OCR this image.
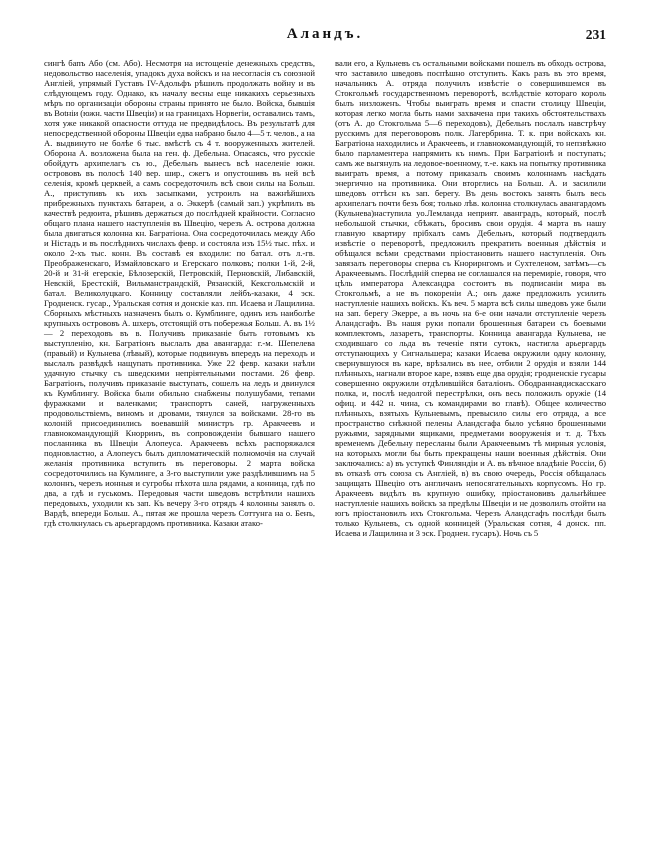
Аландъ.	231

сингѣ бапъ Або (см. Або). Несмотря на истощеніе денежныхъ средствъ, недовольство населенія, упадокъ духа войскъ и на несогласія съ союзной Англіей, упрямый Густавъ IV-Адольфъ рѣшилъ продолжать войну и въ слѣдующемъ году. Однако, къ началу весны еще никакихъ серьезныхъ мѣръ по организаціи обороны страны принято не было. Войска, бывшія въ Botнiи (южн. части Швеціи) и на границахъ Норвегіи, оставались тамъ, хотя уже никакой опасности оттуда не предвидѣлось. Въ результатѣ для непосредственной обороны Швеціи едва набрано было 4—5 т. челов., а на А. выдвинуто не болѣе 6 тыс. вмѣстѣ съ 4 т. вооруженныхъ жителей. Оборона А. возложена была на ген. ф. Дебельна. Опасаясь, что русскіе обойдутъ архипелагъ съ ю., Дебельнъ вынесъ всѣ наcеленіе южн. острововъ въ полосѣ 140 вер. шир., сжегъ и опустошивъ въ ней всѣ селенія, кромѣ церквей, а самъ сосредоточилъ всѣ свои силы на Больш. А., приступивъ къ ихъ засыпками, устроилъ на важнѣйшихъ прибрежныхъ пунктахъ батареи, а о. Эккерѣ (самый зап.) укрѣпилъ въ качествѣ редюита, рѣшивъ держаться до послѣдней крайности. Согласно общаго плана нашего наступленія въ Швецію, черезъ А. острова должна была двигаться колонна кн. Багратіона. Она сосредоточилась между Або и Ністадъ и въ послѣднихъ числахъ февр. и состояла изъ 15½ тыс. пѣх. и около 2-хъ тыс. конн. Въ составѣ ея входили: по батал. отъ л.-гв. Преображенскаго, Измайловскаго и Егерскаго полковъ; полки 1-й, 2-й, 20-й и 31-й егерскіе, Бѣлозерскій, Петровскій, Перновскій, Либавскій, Невскій, Брестскій, Вильманстрандскій, Рязанскій, Кексгольмскій и батал. Великолуцкаго. Конницу составляли лейбъ-казаки, 4 эск. Гродненск. гусар., Уральская сотня и донскіе каз. пп. Исаева и Лащилина. Сборныхъ мѣстныхъ назначенъ былъ о. Кумблинге, одинъ изъ наиболѣе крупныхъ острововъ А. шхеръ, отстоящій отъ побережья Больш. А. въ 1½ — 2 переходовъ въ в. Получивъ приказаніе быть готовымъ къ выступленію, кн. Багратіонъ выслалъ два авангарда: г.-м. Шепелева (правый) и Кульнева (лѣвый), которые подвинувъ впередъ на переходъ и выслалъ развѣдкѣ нащупать противника. Уже 22 февр. казаки наѣли удачную стычку съ шведскими непріятельными постами. 26 февр. Багратіонъ, получивъ приказаніе выступать, сошелъ на ледъ и двинулся къ Кумблингу. Войска были обильно снабжены полушубами, тепами фуражками и валенками; транспортъ саней, нагруженныхъ продовольствіемъ, виномъ и дровами, тянулся за войсками. 28-го въ колоній присоединились воевавшій министръ гр. Аракчеевъ и главнокомандующій Кнорринъ, въ сопровожденіи бывшаго нашего посланника въ Швеціи Алопеуса. Аракчеевъ всѣхъ распоряжался подновластно, а Алопеусъ былъ дипломатическій полномочія на случай желанія противника вступить въ переговоры. 2 марта войска сосредоточились на Кумлинге, а 3-го выступили уже раздѣлившимъ на 5 колоннъ, черезъ ионныя и сугробы пѣхота шла рядами, а конница, гдѣ по два, а гдѣ и гуськомъ. Передовыя части шведовъ встрѣтили нашихъ передовыхъ, уходили къ зап. Къ вечеру 3-го отрядъ 4 колонны занялъ о. Вардѣ, впереди Больш. А., пятая же прошла черезъ Соттунга на о. Бенъ, гдѣ столкнулась съ арьергардомъ противника. Казаки атако-

вали его, а Кульневъ съ остальными войсками пошелъ въ обходъ острова, что заставило шведовъ поспѣшно отступить. Какъ разъ въ это время, начальникъ А. отряда получилъ извѣстіе о совершившемся въ Стокгольмѣ государственномъ переворотѣ, вслѣдствіе котораго король былъ низложенъ. Чтобы выиграть время и спасти столицу Швеціи, которая легко могла быть нами захвачена при такихъ обстоятельствахъ (отъ А. до Стокгольма 5—6 переходовъ), Дебельнъ послалъ навстрѣчу русскимъ для переговоровъ полк. Лагербрина. Т. к. при войскахъ кн. Багратіона находились и Аракчеевъ, и главнокомандующій, то непзвѣжно было парламентера напрямить къ нимъ. При Багратіонѣ и поступать; самъ же выгянулъ на ледовое-военному, т.-е. какъ на попытку противника выиграть время, а потому приказалъ своимъ колоннамъ насѣдать энергично на противника. Они вторглись на Больш. А. и засилили шведовъ оттѣсн къ зап. берегу. Въ день востокъ занять былъ весь архипелагъ почти безъ боя; только лѣв. колонна столкнулась авангардомъ (Кульнева)наступила уо.Лемланда неприят. аванградъ, который, послѣ небольшой стычки, сбѣжать, бросивъ свои орудія. 4 марта въ нашу главную квартиру прібхалъ самъ Дебельнъ, который подтвердилъ извѣстіе о переворотѣ, предложилъ прекратить военныя дѣйствія и обѣщался всѣми средствами пріостановить нашего наступленія. Онъ завязалъ переговоры сперва съ Кнорирнгомъ и Сухтеленом, затѣмъ—съ Аракчеевымъ. Послѣдній сперва не соглашался на перемиріе, говоря, что цѣль императора Александра состоитъ въ подписаніи мира въ Стокгольмѣ, а не въ покореніи А.; онъ даже предложилъ усилить наступленіе нашихъ войскъ. Къ веч. 5 марта всѣ силы шведовъ уже были на зап. берегу Экерре, а въ ночь на 6-е они начали отступленіе черезъ Аландсгафъ. Въ нашя руки попали брошенныя батареи съ боевыми комплектомъ, лазаретъ, транспорты. Конница авангарда Кульнева, не сходившаго со льда въ теченіе пяти сутокъ, настигла арьергардъ отступающихъ у Сигнальшера; казаки Исаева окружили одну колонну, свернувшуюся въ каре, врѣзались въ нее, отбили 2 орудія и взяли 144 плѣнныхъ, нагнали второе каре, взявъ еще два орудія; гродненскіе гусары совершенно окружили отдѣлившійся баталіонъ. Ободраннаядискасскаго полка, и, послѣ недолгой перестрѣлки, онъ весь положилъ оружіе (14 офиц. и 442 н. чина, съ командирами во главѣ). Общее количество плѣнныхъ, взятыхъ Кульневымъ, превысило силы его отряда, а все пространство снѣжной пелены Аландсгафа было усѣяно брошенными ружьями, зарядными ящиками, предметами вооруженія и т. д. Тѣхъ временемъ Дебельну пересланы были Аракчеевымъ тѣ мирныя условія, на которыхъ могли бы быть прекращены наши военныя дѣйствія. Они заключались: а) въ уступкѣ Финляндіи и А. въ вѣчное владѣніе Россіи, б) въ отказѣ отъ союза съ Англіей, в) въ свою очередь, Россія обѣщалась защищать Швецію отъ англичанъ непосягательныхъ корпусомъ. Но гр. Аракчеевъ видѣлъ въ крупную ошибку, пріостановивъ дальнѣйшее наступленіе нашихъ войскъ за предѣлы Швеціи и не дозволилъ отойти на югъ пріостановилъ ихъ Стокгольма. Черезъ Аландсгафъ послѣди былъ только Кульневъ, съ одной конницей (Уральская сотня, 4 донск. пп. Исаева и Лащилина и 3 эск. Гроднен. гусаръ). Ночь съ 5
